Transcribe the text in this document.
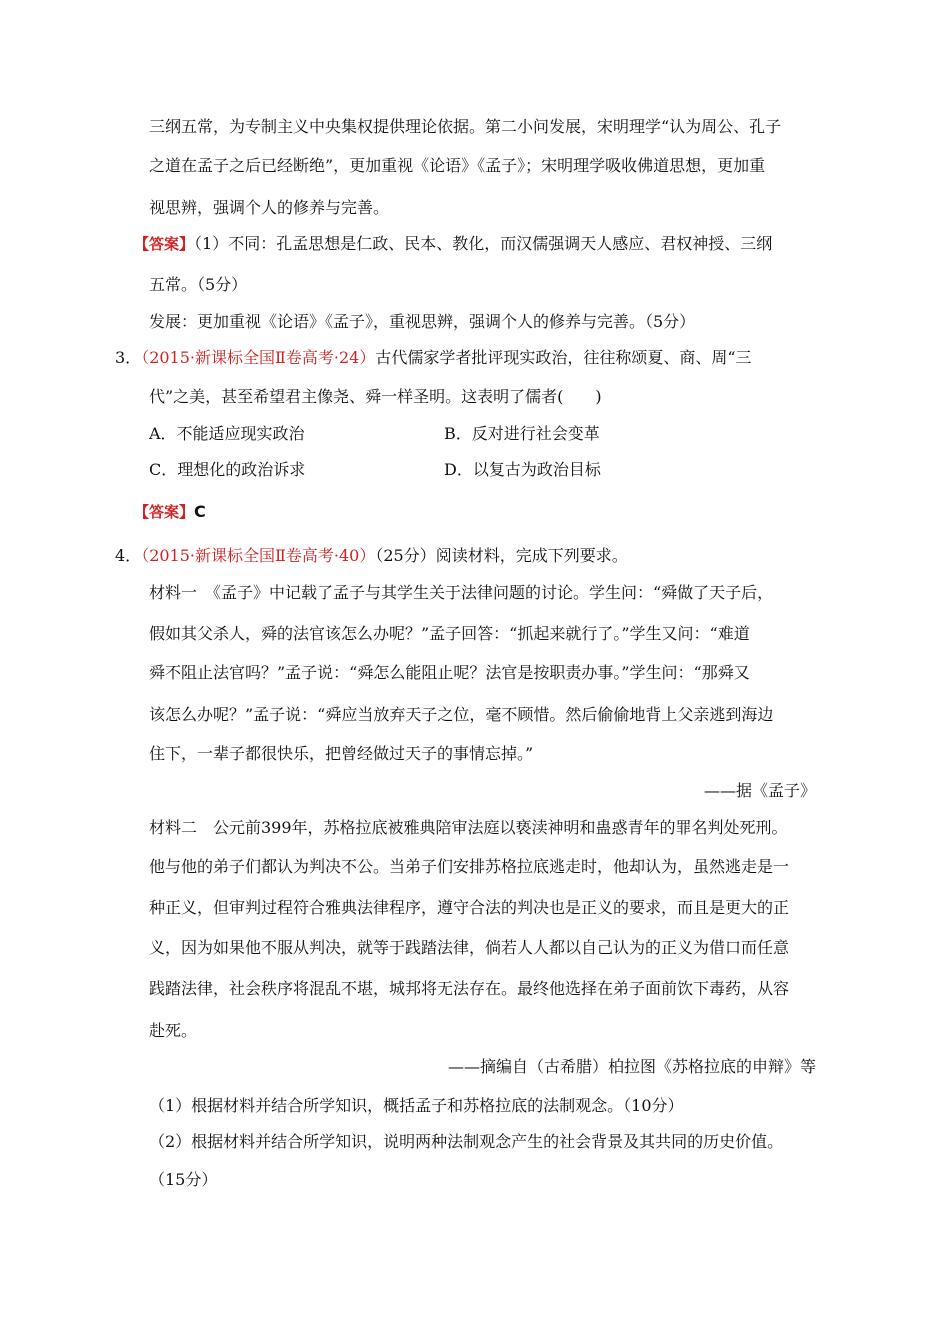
三纲五常，为专制主义中央集权提供理论依据。第二小问发展，宋明理学“认为周公、孔子
之道在孟子之后已经断绝”，更加重视《论语》《孟子》；宋明理学吸收佛道思想，更加重
视思辨，强调个人的修养与完善。
【答案】（1）不同：孔孟思想是仁政、民本、教化，而汉儒强调天人感应、君权神授、三纲
五常。（5分）
发展：更加重视《论语》《孟子》，重视思辨，强调个人的修养与完善。（5分）
3．（2015·新课标全国Ⅱ卷高考·24）古代儒家学者批评现实政治，往往称颂夏、商、周“三
代”之美，甚至希望君主像尧、舜一样圣明。这表明了儒者(　　)
A．不能适应现实政治	B．反对进行社会变革
C．理想化的政治诉求	D．以复古为政治目标
【答案】C
4．（2015·新课标全国Ⅱ卷高考·40）（25分）阅读材料，完成下列要求。
材料一　《孟子》中记载了孟子与其学生关于法律问题的讨论。学生问：“舜做了天子后，
假如其父杀人，舜的法官该怎么办呢？”孟子回答：“抓起来就行了。”学生又问：“难道
舜不阻止法官吗？”孟子说：“舜怎么能阻止呢？法官是按职责办事。”学生问：“那舜又
该怎么办呢？”孟子说：“舜应当放弃天子之位，毫不顾惜。然后偷偷地背上父亲逃到海边
住下，一辈子都很快乐，把曾经做过天子的事情忘掉。”
——据《孟子》
材料二　公元前399年，苏格拉底被雅典陪审法庭以亵渎神明和蛊惑青年的罪名判处死刑。
他与他的弟子们都认为判决不公。当弟子们安排苏格拉底逃走时，他却认为，虽然逃走是一
种正义，但审判过程符合雅典法律程序，遵守合法的判决也是正义的要求，而且是更大的正
义，因为如果他不服从判决，就等于践踏法律，倘若人人都以自己认为的正义为借口而任意
践踏法律，社会秩序将混乱不堪，城邦将无法存在。最终他选择在弟子面前饮下毒药，从容
赴死。
——摘编自（古希腊）柏拉图《苏格拉底的申辩》等
（1）根据材料并结合所学知识，概括孟子和苏格拉底的法制观念。（10分）
（2）根据材料并结合所学知识，说明两种法制观念产生的社会背景及其共同的历史价值。
（15分）
